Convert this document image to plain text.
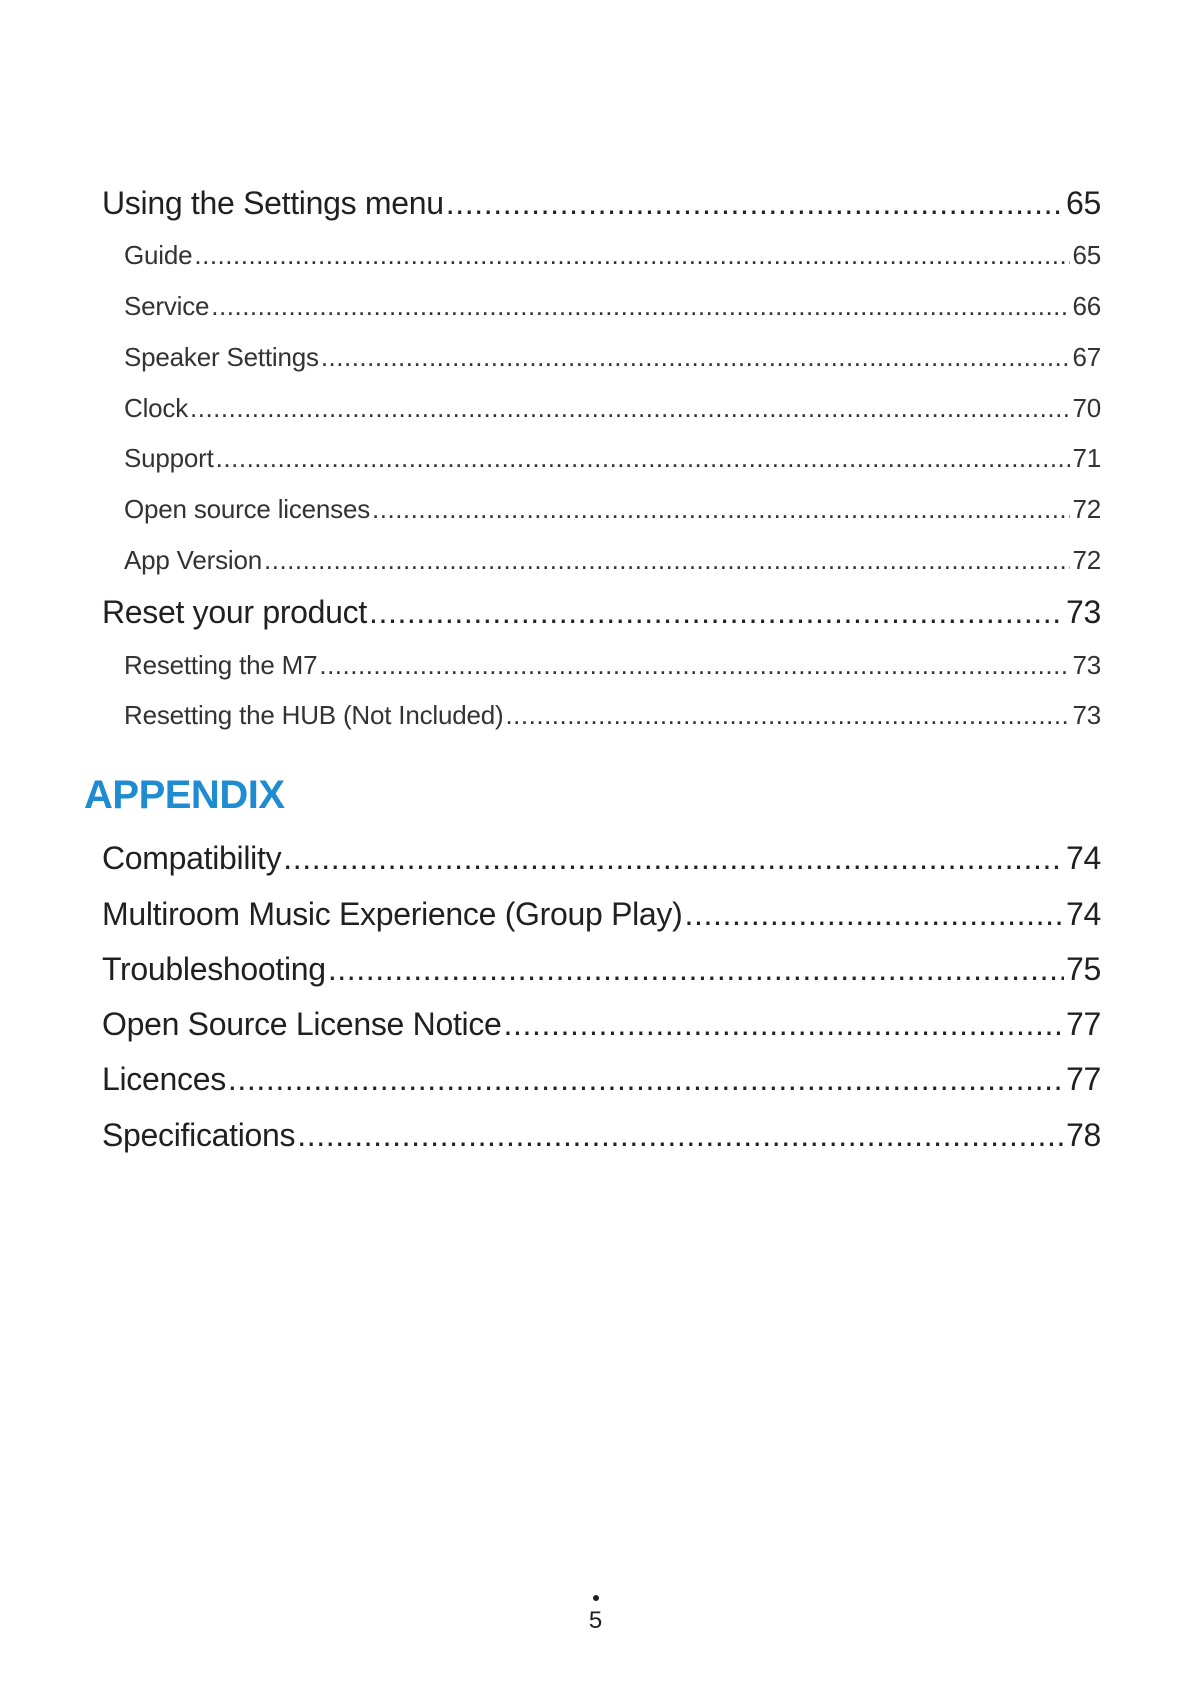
Using the Settings menu .....	65
Guide .....	65
Service .....	66
Speaker Settings .....	67
Clock .....	70
Support .....	71
Open source licenses .....	72
App Version .....	72
Reset your product .....	73
Resetting the M7 .....	73
Resetting the HUB (Not Included) .....	73
APPENDIX
Compatibility .....	74
Multiroom Music Experience (Group Play) .....	74
Troubleshooting .....	75
Open Source License Notice .....	77
Licences .....	77
Specifications .....	78
5
